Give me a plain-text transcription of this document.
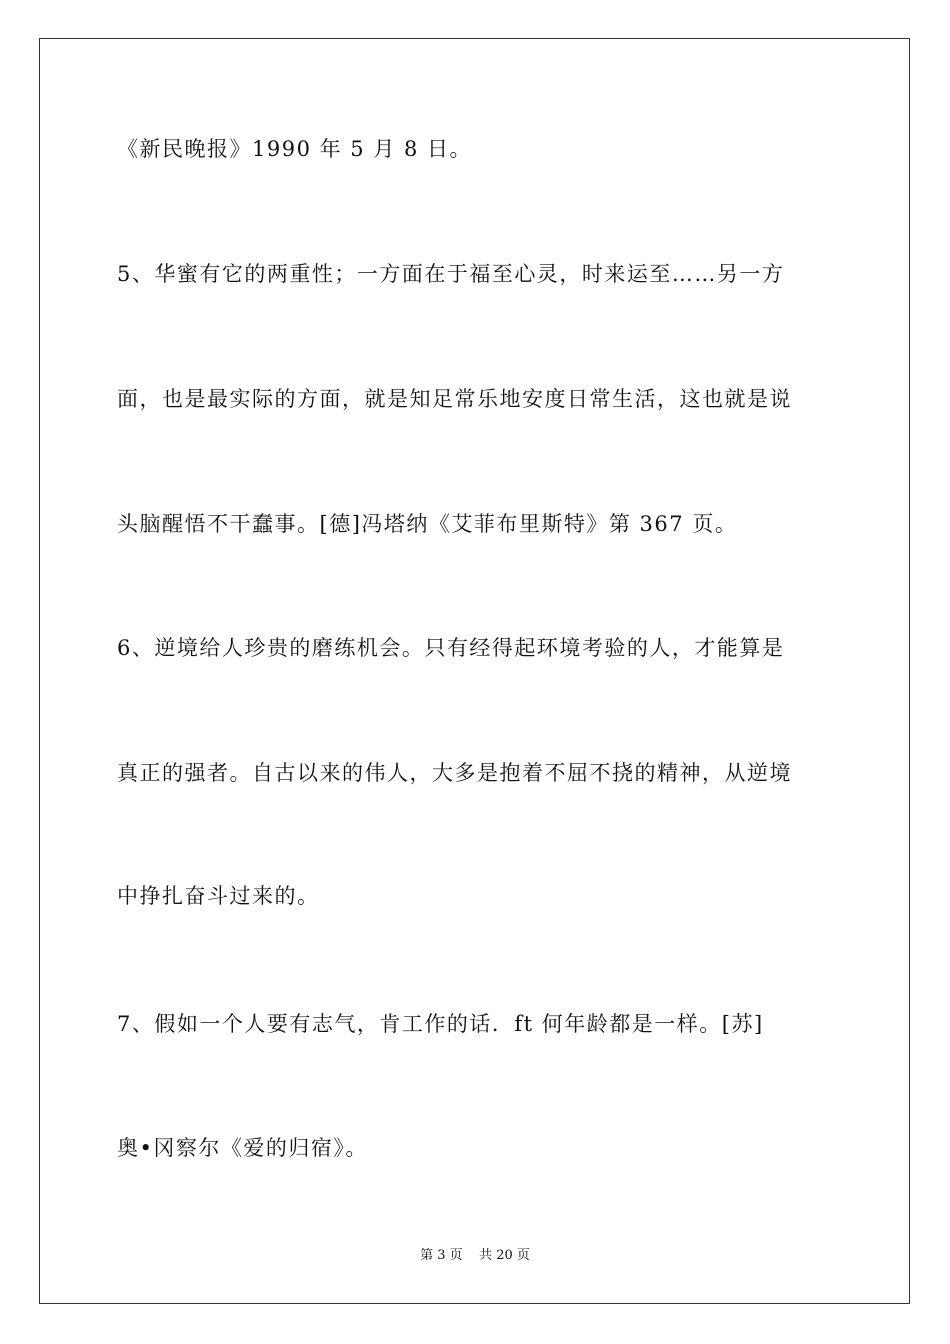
《新民晚报》1990 年 5 月 8 日。
5、华蜜有它的两重性；一方面在于福至心灵，时来运至……另一方
面，也是最实际的方面，就是知足常乐地安度日常生活，这也就是说
头脑醒悟不干蠢事。[德]冯塔纳《艾菲布里斯特》第 367 页。
6、逆境给人珍贵的磨练机会。只有经得起环境考验的人，才能算是
真正的强者。自古以来的伟人，大多是抱着不屈不挠的精神，从逆境
中挣扎奋斗过来的。
7、假如一个人要有志气，肯工作的话．ft 何年龄都是一样。[苏]
奥•冈察尔《爱的归宿》。
第 3 页    共 20 页
